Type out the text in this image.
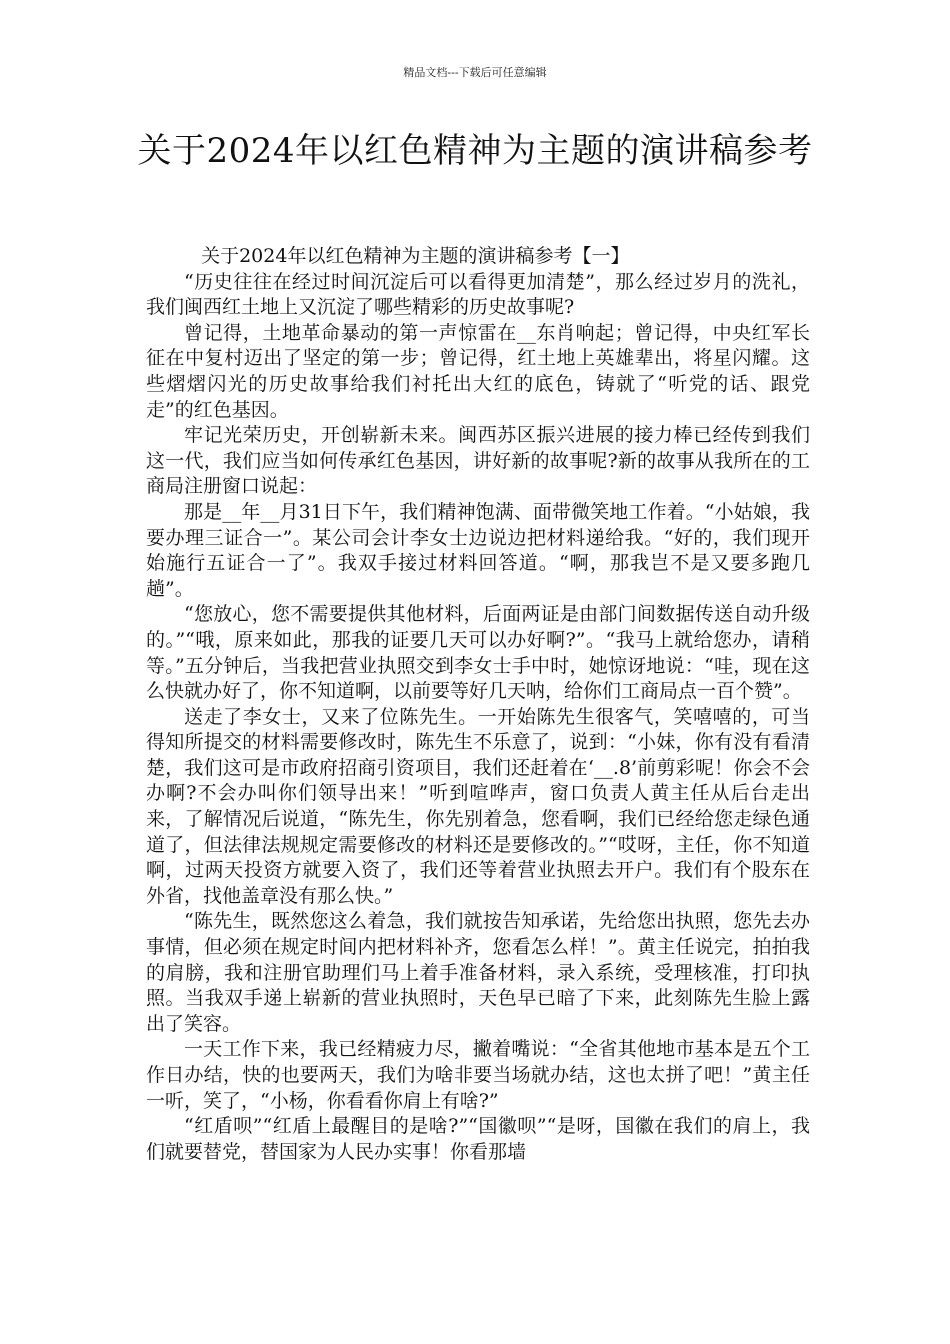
精品文档---下载后可任意编辑
关于2024年以红色精神为主题的演讲稿参考

关于2024年以红色精神为主题的演讲稿参考【一】

“历史往往在经过时间沉淀后可以看得更加清楚”，那么经过岁月的洗礼，我们闽西红土地上又沉淀了哪些精彩的历史故事呢?

曾记得，土地革命暴动的第一声惊雷在__东肖响起；曾记得，中央红军长征在中复村迈出了坚定的第一步；曾记得，红土地上英雄辈出，将星闪耀。这些熠熠闪光的历史故事给我们衬托出大红的底色，铸就了“听党的话、跟党走”的红色基因。

牢记光荣历史，开创崭新未来。闽西苏区振兴进展的接力棒已经传到我们这一代，我们应当如何传承红色基因，讲好新的故事呢?新的故事从我所在的工商局注册窗口说起：

那是__年__月31日下午，我们精神饱满、面带微笑地工作着。“小姑娘，我要办理三证合一”。某公司会计李女士边说边把材料递给我。“好的，我们现开始施行五证合一了”。我双手接过材料回答道。“啊，那我岂不是又要多跑几趟”。

“您放心，您不需要提供其他材料，后面两证是由部门间数据传送自动升级的。”“哦，原来如此，那我的证要几天可以办好啊?”。“我马上就给您办，请稍等。”五分钟后，当我把营业执照交到李女士手中时，她惊讶地说：“哇，现在这么快就办好了，你不知道啊，以前要等好几天呐，给你们工商局点一百个赞”。

送走了李女士，又来了位陈先生。一开始陈先生很客气，笑嘻嘻的，可当得知所提交的材料需要修改时，陈先生不乐意了，说到：“小妹，你有没有看清楚，我们这可是市政府招商引资项目，我们还赶着在‘__.8’前剪彩呢！你会不会办啊?不会办叫你们领导出来！”听到喧哗声，窗口负责人黄主任从后台走出来，了解情况后说道，“陈先生，你先别着急，您看啊，我们已经给您走绿色通道了，但法律法规规定需要修改的材料还是要修改的。”“哎呀，主任，你不知道啊，过两天投资方就要入资了，我们还等着营业执照去开户。我们有个股东在外省，找他盖章没有那么快。”

“陈先生，既然您这么着急，我们就按告知承诺，先给您出执照，您先去办事情，但必须在规定时间内把材料补齐，您看怎么样！”。黄主任说完，拍拍我的肩膀，我和注册官助理们马上着手准备材料，录入系统，受理核准，打印执照。当我双手递上崭新的营业执照时，天色早已暗了下来，此刻陈先生脸上露出了笑容。

一天工作下来，我已经精疲力尽，撇着嘴说：“全省其他地市基本是五个工作日办结，快的也要两天，我们为啥非要当场就办结，这也太拼了吧！”黄主任一听，笑了，“小杨，你看看你肩上有啥?”

“红盾呗”“红盾上最醒目的是啥?”“国徽呗”“是呀，国徽在我们的肩上，我们就要替党，替国家为人民办实事！你看那墙
